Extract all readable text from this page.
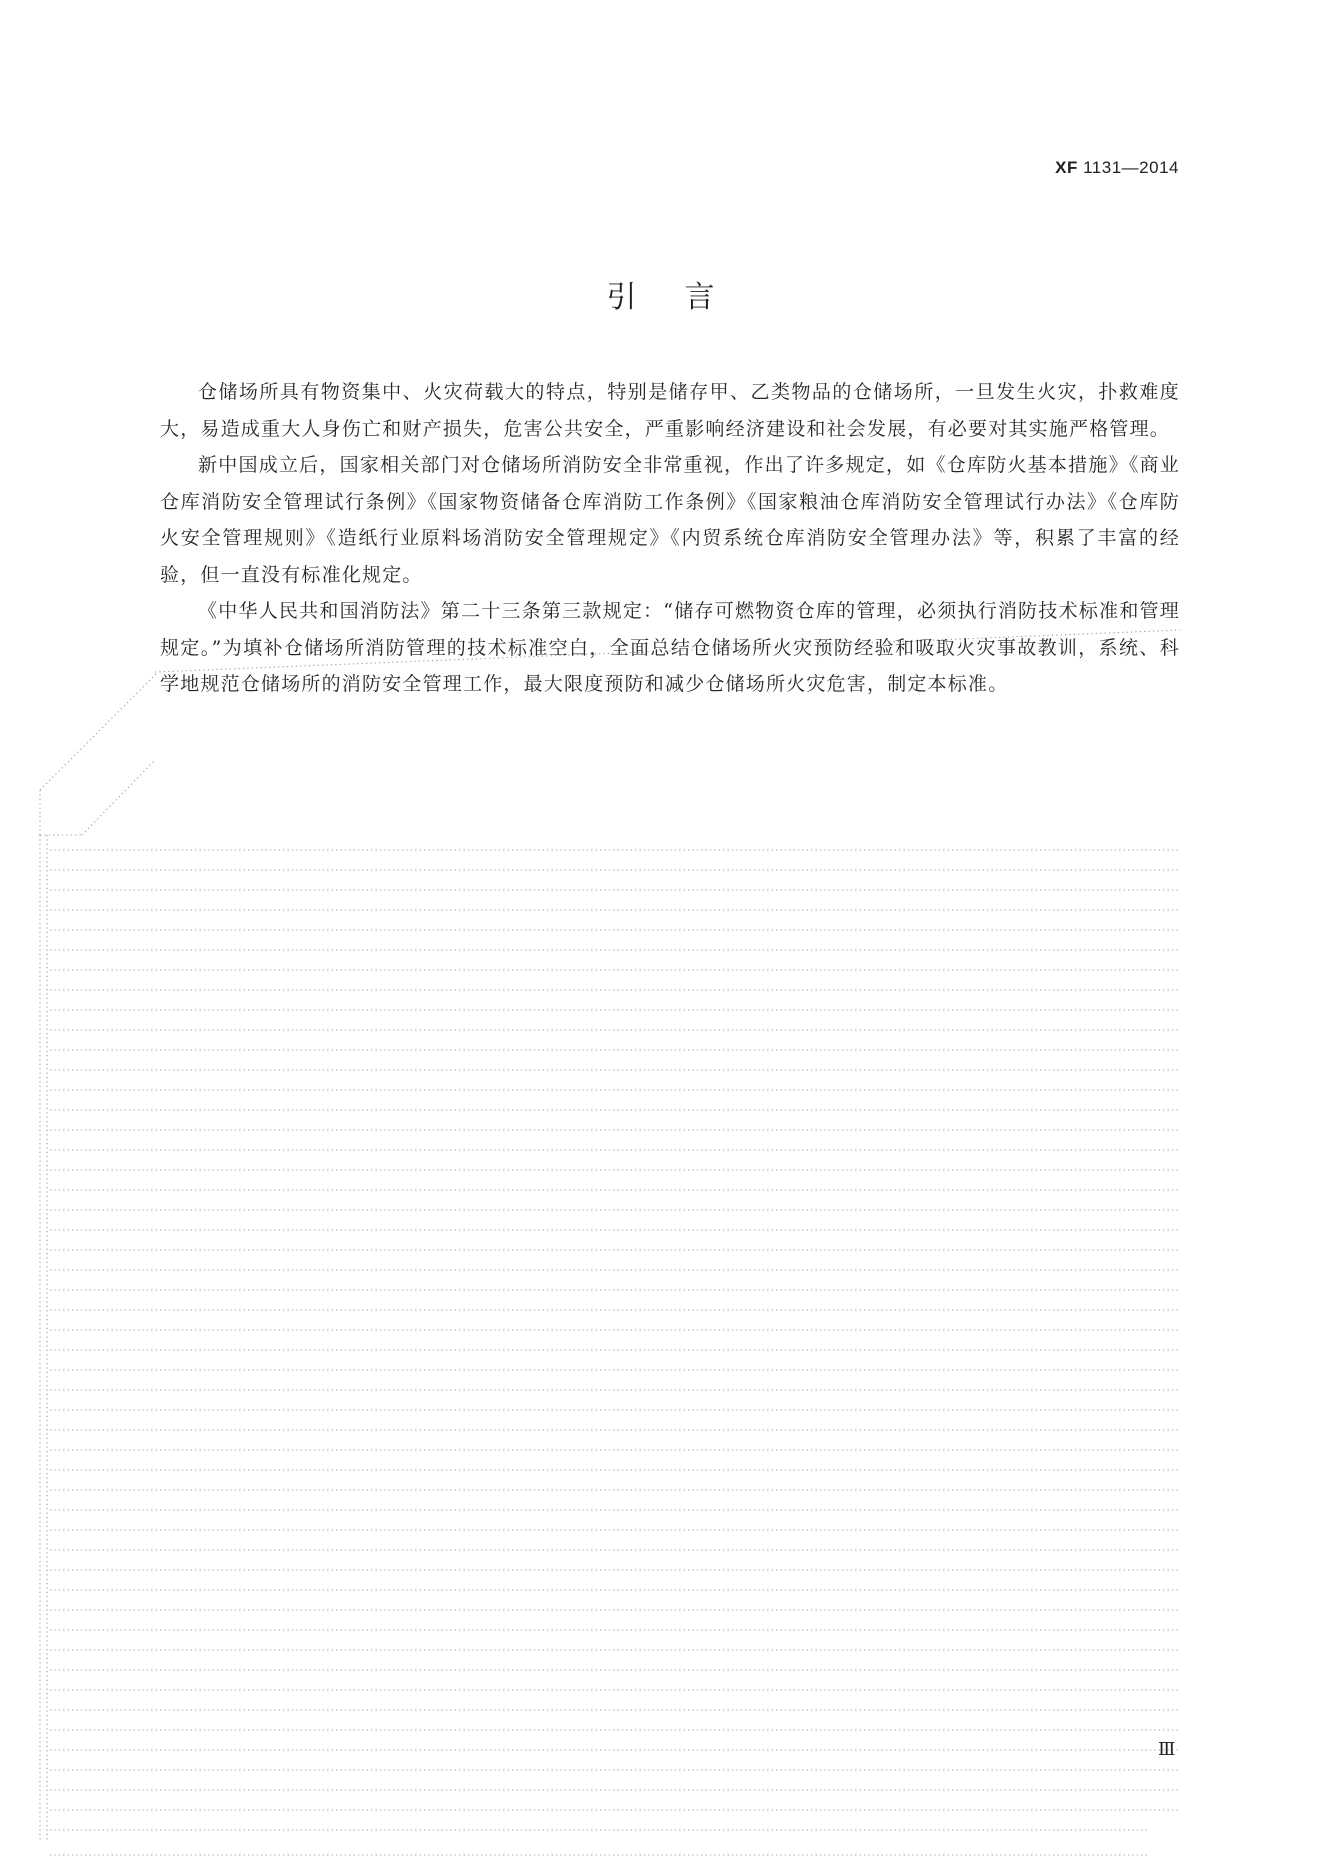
XF 1131—2014
引言

仓储场所具有物资集中、火灾荷载大的特点，特别是储存甲、乙类物品的仓储场所，一旦发生火灾，扑救难度大，易造成重大人身伤亡和财产损失，危害公共安全，严重影响经济建设和社会发展，有必要对其实施严格管理。

新中国成立后，国家相关部门对仓储场所消防安全非常重视，作出了许多规定，如《仓库防火基本措施》《商业仓库消防安全管理试行条例》《国家物资储备仓库消防工作条例》《国家粮油仓库消防安全管理试行办法》《仓库防火安全管理规则》《造纸行业原料场消防安全管理规定》《内贸系统仓库消防安全管理办法》等，积累了丰富的经验，但一直没有标准化规定。

《中华人民共和国消防法》第二十三条第三款规定：“储存可燃物资仓库的管理，必须执行消防技术标准和管理规定。”为填补仓储场所消防管理的技术标准空白，全面总结仓储场所火灾预防经验和吸取火灾事故教训，系统、科学地规范仓储场所的消防安全管理工作，最大限度预防和减少仓储场所火灾危害，制定本标准。

Ⅲ
